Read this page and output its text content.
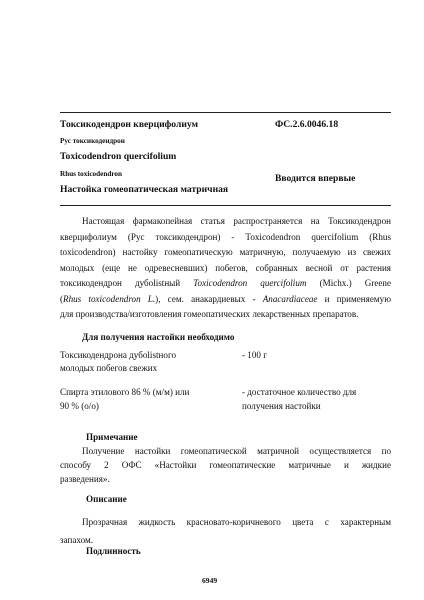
Токсикодендрон кверцифолиум	ФС.2.6.0046.18
Рус токсикодендрон
Toxicodendron quercifolium
Rhus toxicodendron	Вводится впервые
Настойка гомеопатическая матричная
Настоящая фармакопейная статья распространяется на Токсикодендрон
кверцифолиум (Рус токсикодендрон) - Toxicodendron quercifolium (Rhus
toxicodendron) настойку гомеопатическую матричную, получаемую из свежих
молодых (еще не одревесневших) побегов, собранных весной от растения
токсикодендрон дубolistный Toxicodendron quercifolium (Michx.) Greene
(Rhus toxicodendron L.), сем. анакардиевых - Anacardiaceae и применяемую
для производства/изготовления гомеопатических лекарственных препаратов.
Для получения настойки необходимо
Токсикодендрона дубolistного
молодых побегов свежих
- 100 г
Спирта этилового 86 % (м/м) или
90 % (о/о)
- достаточное количество для
получения настойки
Примечание
Получение настойки гомеопатической матричной осуществляется по
способу 2 ОФС «Настойки гомеопатические матричные и жидкие
разведения».
Описание
Прозрачная жидкость красновато-коричневого цвета с характерным
запахом.
Подлинность
6949
